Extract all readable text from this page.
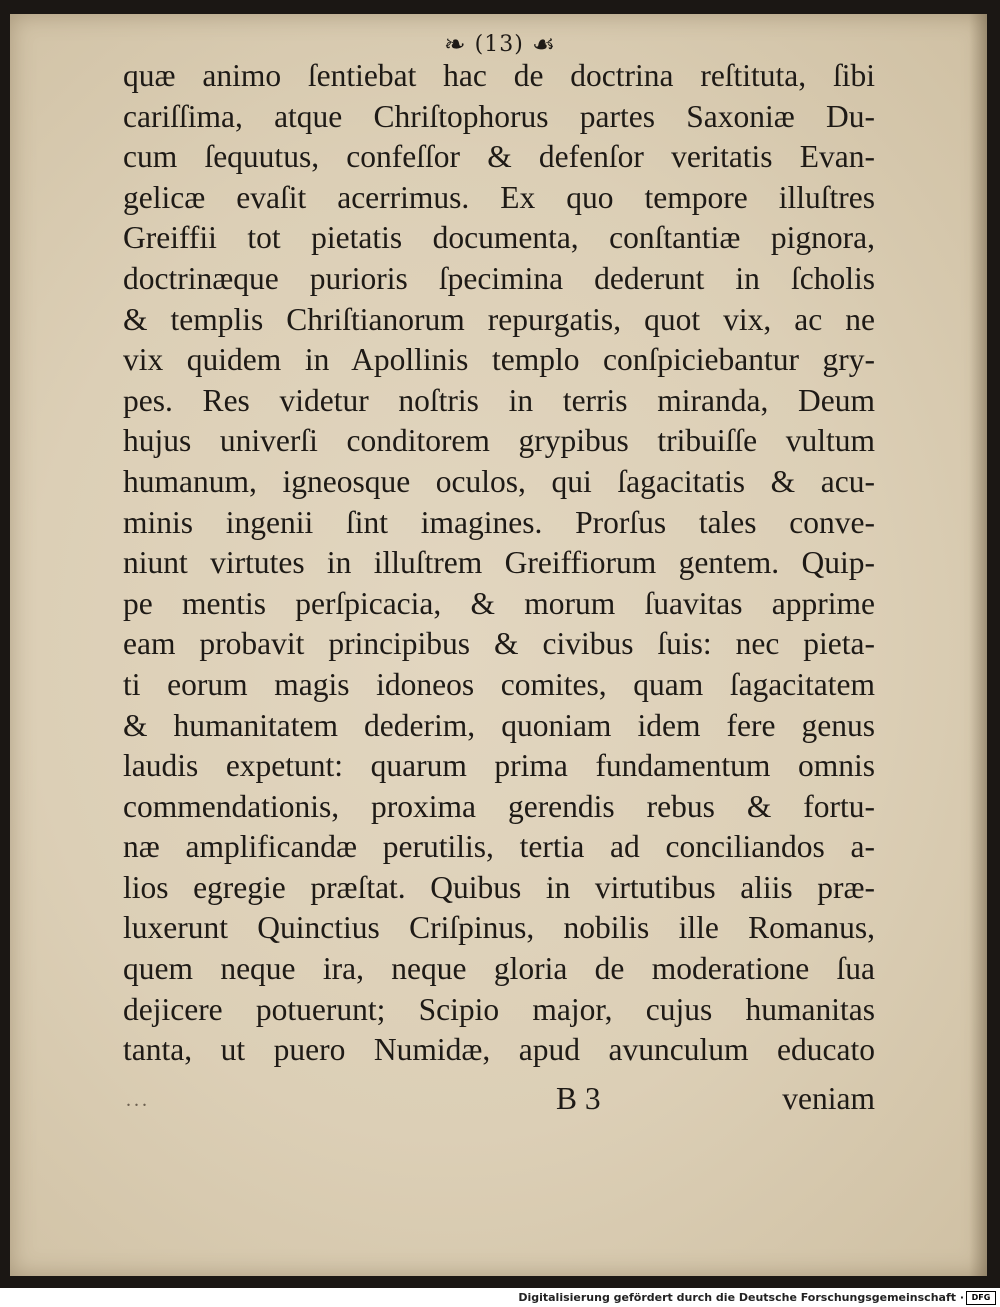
❧ (13) ☙
quæ animo ſentiebat hac de doctrina reſtituta, ſibi
cariſſima, atque Chriſtophorus partes Saxoniæ Du-
cum ſequutus, confeſſor & defenſor veritatis Evan-
gelicæ evaſit acerrimus. Ex quo tempore illuſtres
Greiffii tot pietatis documenta, conſtantiæ pignora,
doctrinæque purioris ſpecimina dederunt in ſcholis
& templis Chriſtianorum repurgatis, quot vix, ac ne
vix quidem in Apollinis templo conſpiciebantur gry-
pes. Res videtur noſtris in terris miranda, Deum
hujus univerſi conditorem grypibus tribuiſſe vultum
humanum, igneosque oculos, qui ſagacitatis & acu-
minis ingenii ſint imagines. Prorſus tales conve-
niunt virtutes in illuſtrem Greiffiorum gentem. Quip-
pe mentis perſpicacia, & morum ſuavitas apprime
eam probavit principibus & civibus ſuis: nec pieta-
ti eorum magis idoneos comites, quam ſagacitatem
& humanitatem dederim, quoniam idem fere genus
laudis expetunt: quarum prima fundamentum omnis
commendationis, proxima gerendis rebus & fortu-
næ amplificandæ perutilis, tertia ad conciliandos a-
lios egregie præſtat. Quibus in virtutibus aliis præ-
luxerunt Quinctius Criſpinus, nobilis ille Romanus,
quem neque ira, neque gloria de moderatione ſua
dejicere potuerunt; Scipio major, cujus humanitas
tanta, ut puero Numidæ, apud avunculum educato
...	B 3	veniam
Digitalisierung gefördert durch die Deutsche Forschungsgemeinschaft · DFG
